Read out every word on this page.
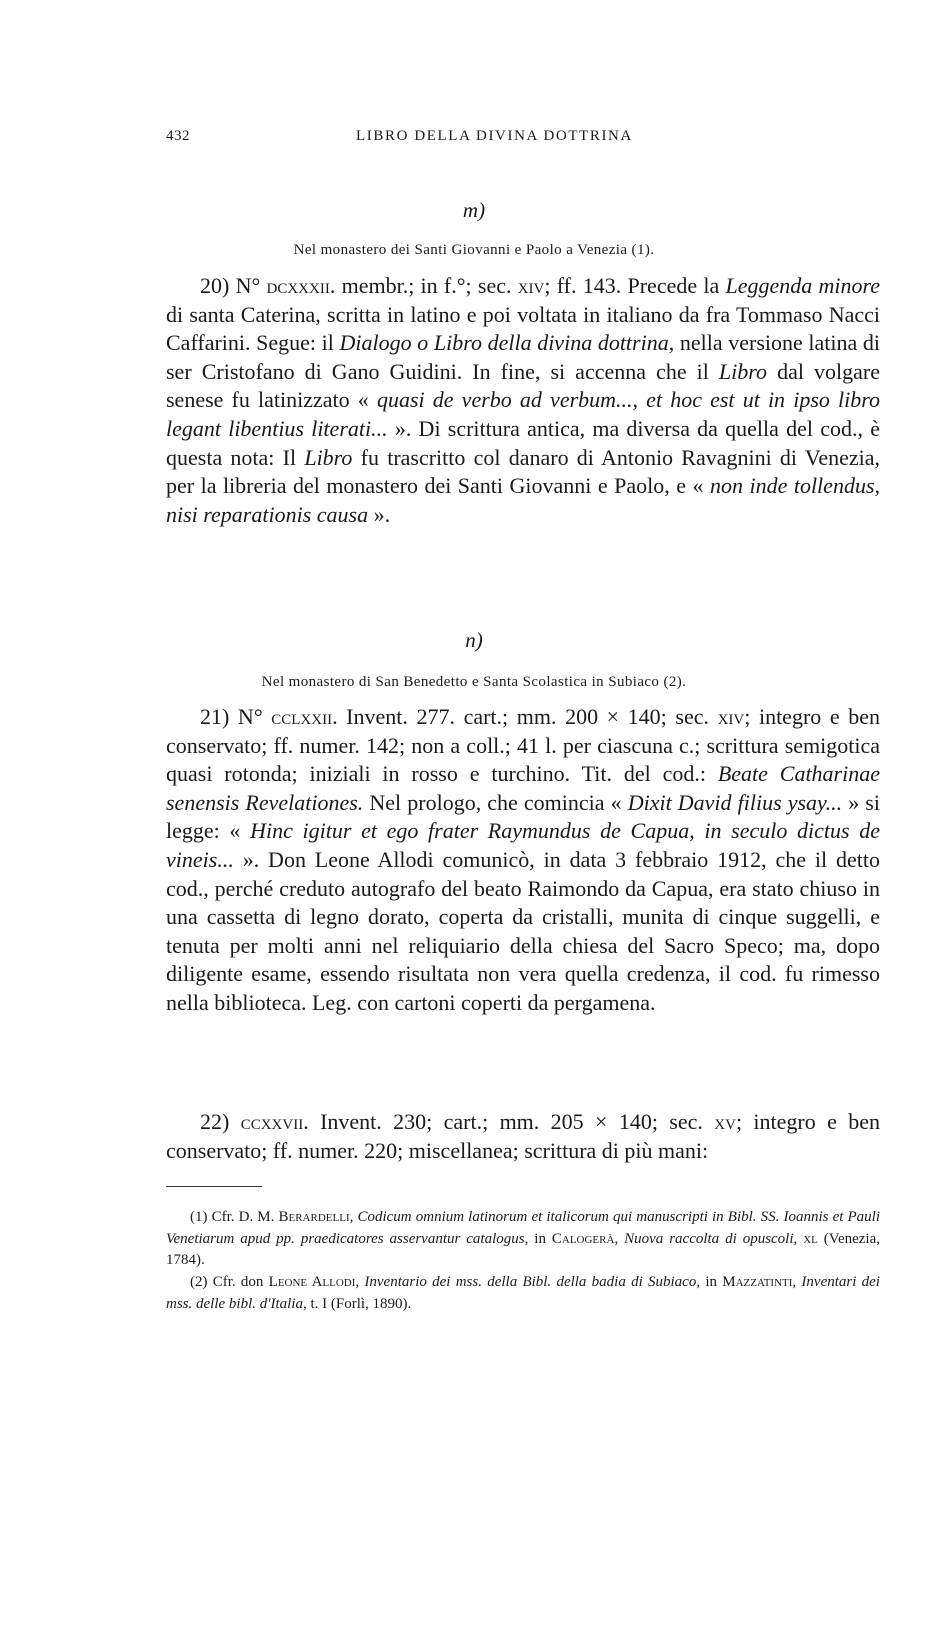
432	LIBRO DELLA DIVINA DOTTRINA
m)
Nel monastero dei Santi Giovanni e Paolo a Venezia (1).

20) N° dcxxxii. membr.; in f.°; sec. xiv; ff. 143. Precede la Leggenda minore di santa Caterina, scritta in latino e poi voltata in italiano da fra Tommaso Nacci Caffarini. Segue: il Dialogo o Libro della divina dottrina, nella versione latina di ser Cristofano di Gano Guidini. In fine, si accenna che il Libro dal volgare senese fu latinizzato « quasi de verbo ad verbum..., et hoc est ut in ipso libro legant libentius literati... ». Di scrittura antica, ma diversa da quella del cod., è questa nota: Il Libro fu trascritto col danaro di Antonio Ravagnini di Venezia, per la libreria del monastero dei Santi Giovanni e Paolo, e « non inde tollendus, nisi reparationis causa ».

n)
Nel monastero di San Benedetto e Santa Scolastica in Subiaco (2).

21) N° cclxxii. Invent. 277. cart.; mm. 200 × 140; sec. xiv; integro e ben conservato; ff. numer. 142; non a coll.; 41 l. per ciascuna c.; scrittura semigotica quasi rotonda; iniziali in rosso e turchino. Tit. del cod.: Beate Catharinae senensis Revelationes. Nel prologo, che comincia « Dixit David filius ysay... » si legge: « Hinc igitur et ego frater Raymundus de Capua, in seculo dictus de vineis... ». Don Leone Allodi comunicò, in data 3 febbraio 1912, che il detto cod., perché creduto autografo del beato Raimondo da Capua, era stato chiuso in una cassetta di legno dorato, coperta da cristalli, munita di cinque suggelli, e tenuta per molti anni nel reliquiario della chiesa del Sacro Speco; ma, dopo diligente esame, essendo risultata non vera quella credenza, il cod. fu rimesso nella biblioteca. Leg. con cartoni coperti da pergamena.

22) ccxxvii. Invent. 230; cart.; mm. 205 × 140; sec. xv; integro e ben conservato; ff. numer. 220; miscellanea; scrittura di più mani:

(1) Cfr. D. M. Berardelli, Codicum omnium latinorum et italicorum qui manuscripti in Bibl. SS. Ioannis et Pauli Venetiarum apud pp. praedicatores asservantur catalogus, in Calogerà, Nuova raccolta di opuscoli, xl (Venezia, 1784).

(2) Cfr. don Leone Allodi, Inventario dei mss. della Bibl. della badia di Subiaco, in Mazzatinti, Inventari dei mss. delle bibl. d'Italia, t. I (Forlì, 1890).
